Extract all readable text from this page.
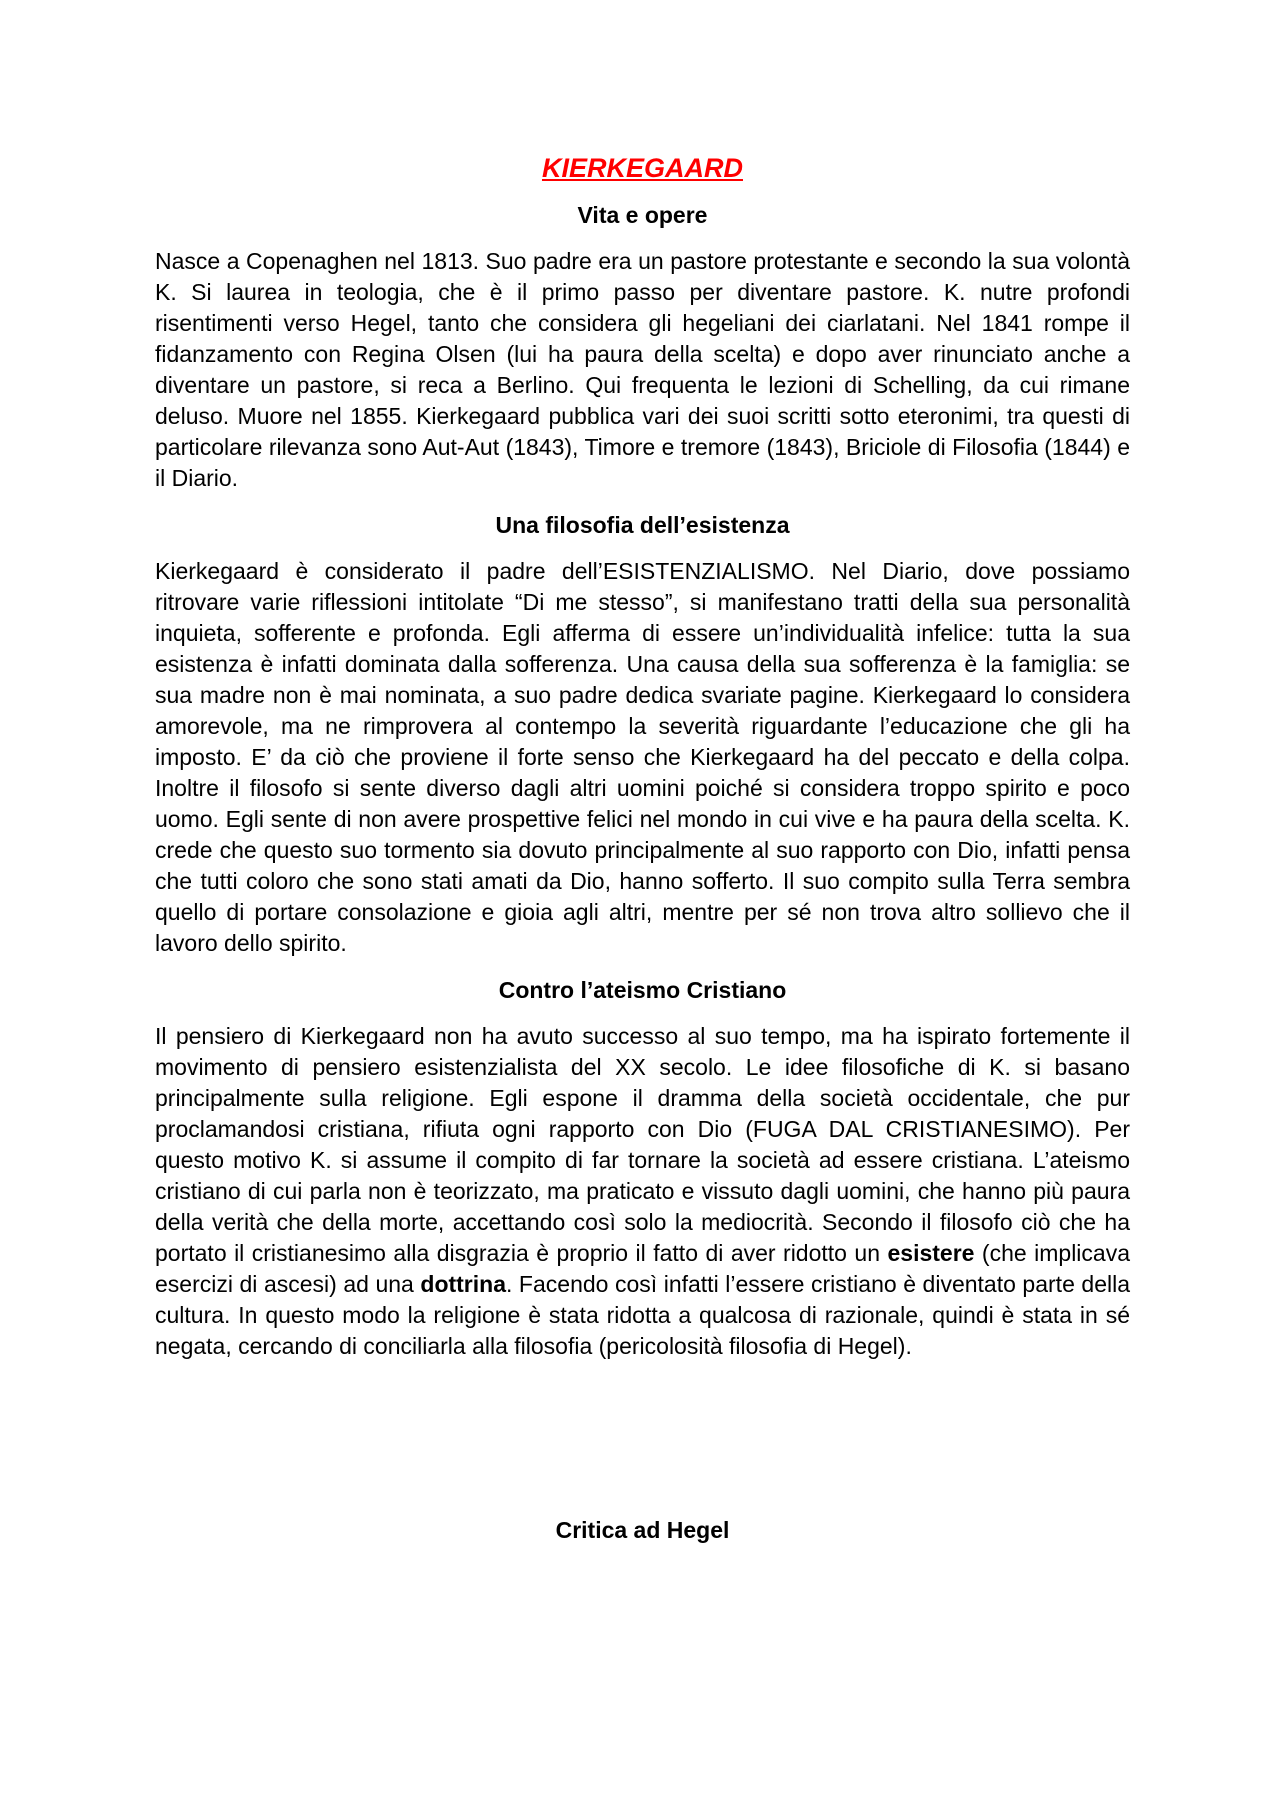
KIERKEGAARD
Vita e opere

Nasce a Copenaghen nel 1813. Suo padre era un pastore protestante e secondo la sua volontà K. Si laurea in teologia, che è il primo passo per diventare pastore. K. nutre profondi risentimenti verso Hegel, tanto che considera gli hegeliani dei ciarlatani. Nel 1841 rompe il fidanzamento con Regina Olsen (lui ha paura della scelta) e dopo aver rinunciato anche a diventare un pastore, si reca a Berlino. Qui frequenta le lezioni di Schelling, da cui rimane deluso. Muore nel 1855. Kierkegaard pubblica vari dei suoi scritti sotto eteronimi, tra questi di particolare rilevanza sono Aut-Aut (1843), Timore e tremore (1843), Briciole di Filosofia (1844) e il Diario.

Una filosofia dell’esistenza

Kierkegaard è considerato il padre dell’ESISTENZIALISMO. Nel Diario, dove possiamo ritrovare varie riflessioni intitolate “Di me stesso”, si manifestano tratti della sua personalità inquieta, sofferente e profonda. Egli afferma di essere un’individualità infelice: tutta la sua esistenza è infatti dominata dalla sofferenza. Una causa della sua sofferenza è la famiglia: se sua madre non è mai nominata, a suo padre dedica svariate pagine. Kierkegaard lo considera amorevole, ma ne rimprovera al contempo la severità riguardante l’educazione che gli ha imposto. E’ da ciò che proviene il forte senso che Kierkegaard ha del peccato e della colpa. Inoltre il filosofo si sente diverso dagli altri uomini poiché si considera troppo spirito e poco uomo. Egli sente di non avere prospettive felici nel mondo in cui vive e ha paura della scelta. K. crede che questo suo tormento sia dovuto principalmente al suo rapporto con Dio, infatti pensa che tutti coloro che sono stati amati da Dio, hanno sofferto. Il suo compito sulla Terra sembra quello di portare consolazione e gioia agli altri, mentre per sé non trova altro sollievo che il lavoro dello spirito.

Contro l’ateismo Cristiano

Il pensiero di Kierkegaard non ha avuto successo al suo tempo, ma ha ispirato fortemente il movimento di pensiero esistenzialista del XX secolo. Le idee filosofiche di K. si basano principalmente sulla religione. Egli espone il dramma della società occidentale, che pur proclamandosi cristiana, rifiuta ogni rapporto con Dio (FUGA DAL CRISTIANESIMO). Per questo motivo K. si assume il compito di far tornare la società ad essere cristiana. L’ateismo cristiano di cui parla non è teorizzato, ma praticato e vissuto dagli uomini, che hanno più paura della verità che della morte, accettando così solo la mediocrità. Secondo il filosofo ciò che ha portato il cristianesimo alla disgrazia è proprio il fatto di aver ridotto un esistere (che implicava esercizi di ascesi) ad una dottrina. Facendo così infatti l’essere cristiano è diventato parte della cultura. In questo modo la religione è stata ridotta a qualcosa di razionale, quindi è stata in sé negata, cercando di conciliarla alla filosofia (pericolosità filosofia di Hegel).

Critica ad Hegel
